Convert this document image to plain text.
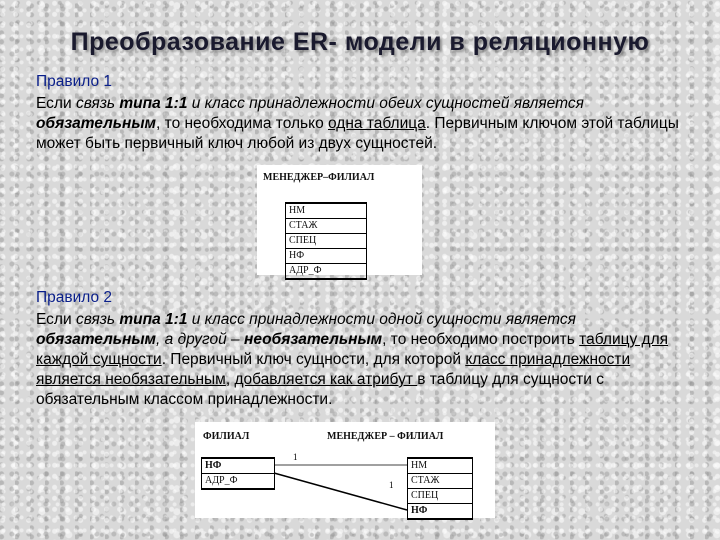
Преобразование ER- модели в реляционную
Правило 1
Если связь типа 1:1 и класс принадлежности обеих сущностей является обязательным, то необходима только одна таблица. Первичным ключом этой таблицы может быть первичный ключ любой из двух сущностей.
МЕНЕДЖЕР–ФИЛИАЛ
НМ
СТАЖ
СПЕЦ
НФ
АДР_Ф
Правило 2
Если связь типа 1:1 и класс принадлежности одной сущности является обязательным, а другой – необязательным, то необходимо построить таблицу для каждой сущности. Первичный ключ сущности, для которой класс принадлежности является необязательным, добавляется как атрибут в таблицу для сущности с обязательным классом принадлежности.
ФИЛИАЛ
НФ
АДР_Ф
МЕНЕДЖЕР – ФИЛИАЛ
НМ
СТАЖ
СПЕЦ
НФ
1
1
